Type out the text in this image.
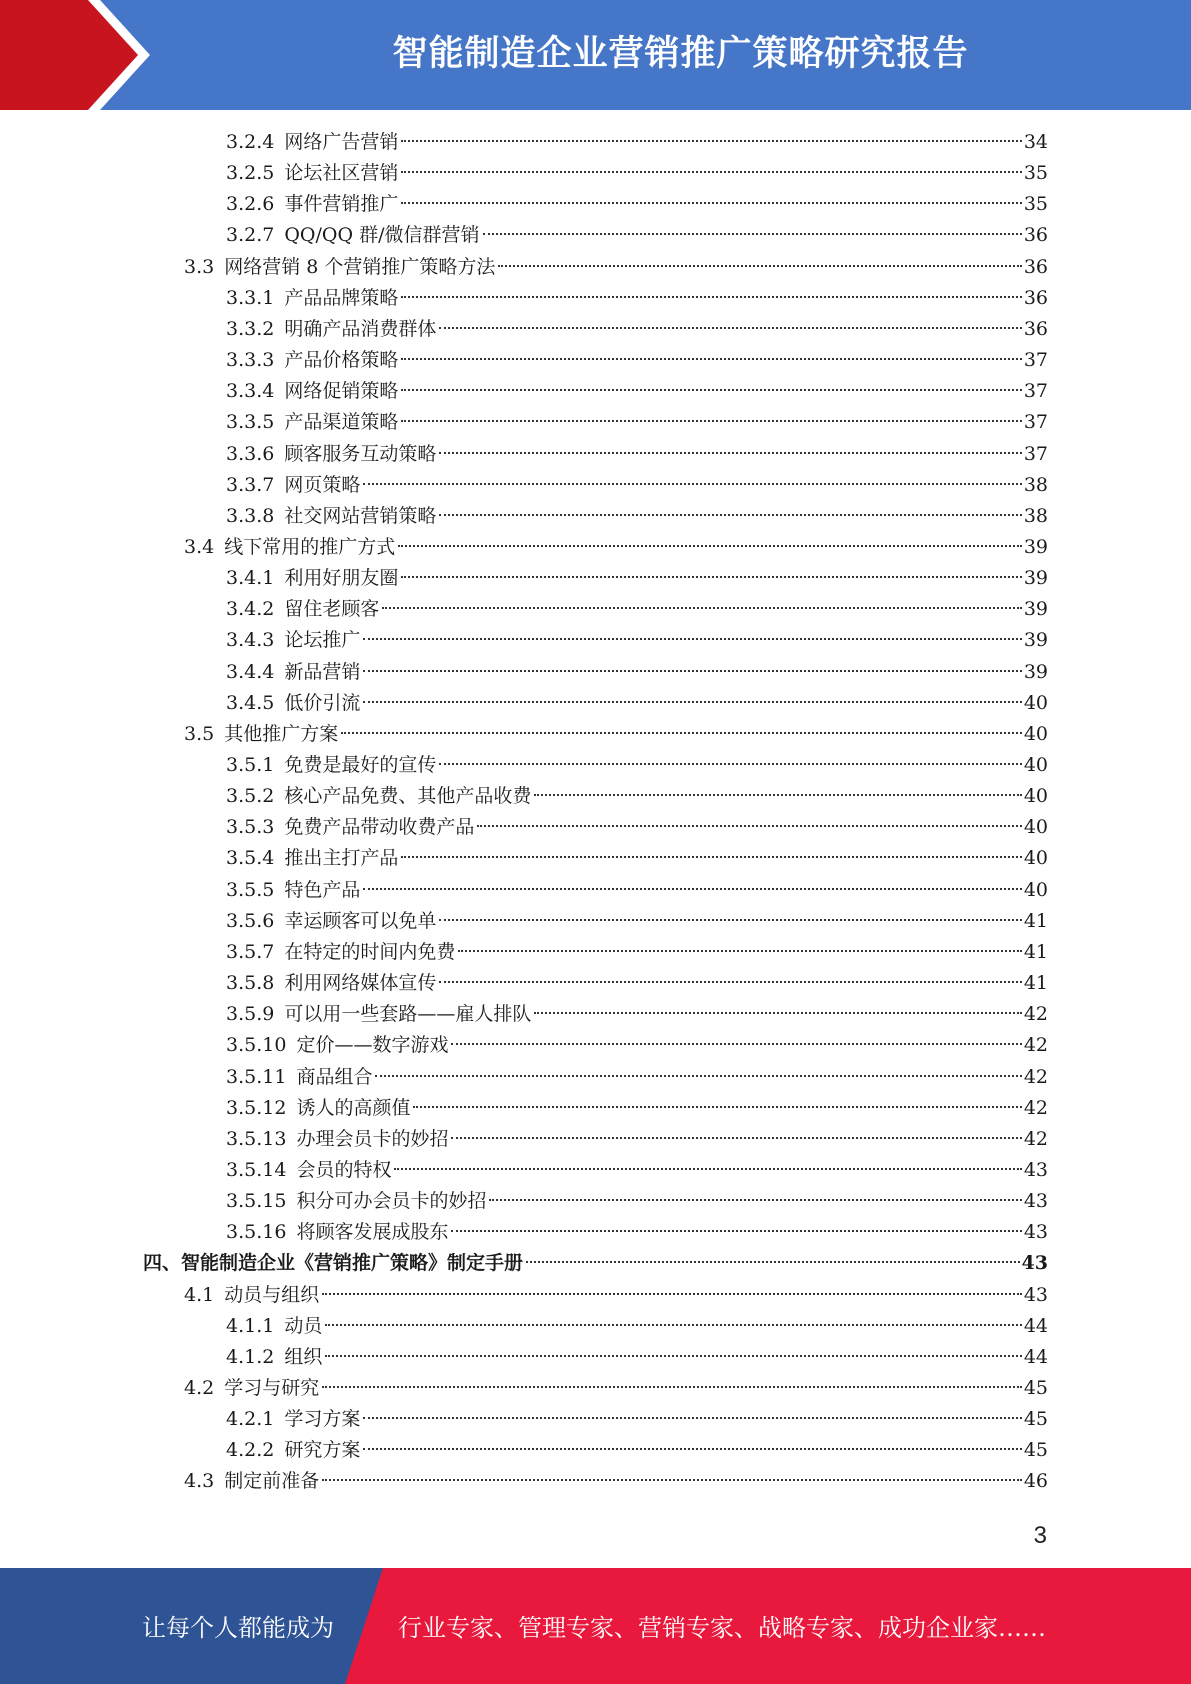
智能制造企业营销推广策略研究报告
3.2.4 网络广告营销	34
3.2.5 论坛社区营销	35
3.2.6 事件营销推广	35
3.2.7 QQ/QQ 群/微信群营销	36
3.3 网络营销 8 个营销推广策略方法	36
3.3.1 产品品牌策略	36
3.3.2 明确产品消费群体	36
3.3.3 产品价格策略	37
3.3.4 网络促销策略	37
3.3.5 产品渠道策略	37
3.3.6 顾客服务互动策略	37
3.3.7 网页策略	38
3.3.8 社交网站营销策略	38
3.4 线下常用的推广方式	39
3.4.1 利用好朋友圈	39
3.4.2 留住老顾客	39
3.4.3 论坛推广	39
3.4.4 新品营销	39
3.4.5 低价引流	40
3.5 其他推广方案	40
3.5.1 免费是最好的宣传	40
3.5.2 核心产品免费、其他产品收费	40
3.5.3 免费产品带动收费产品	40
3.5.4 推出主打产品	40
3.5.5 特色产品	40
3.5.6 幸运顾客可以免单	41
3.5.7 在特定的时间内免费	41
3.5.8 利用网络媒体宣传	41
3.5.9 可以用一些套路——雇人排队	42
3.5.10 定价——数字游戏	42
3.5.11 商品组合	42
3.5.12 诱人的高颜值	42
3.5.13 办理会员卡的妙招	42
3.5.14 会员的特权	43
3.5.15 积分可办会员卡的妙招	43
3.5.16 将顾客发展成股东	43
四、智能制造企业《营销推广策略》制定手册	43
4.1 动员与组织	43
4.1.1 动员	44
4.1.2 组织	44
4.2 学习与研究	45
4.2.1 学习方案	45
4.2.2 研究方案	45
4.3 制定前准备	46
3
让每个人都能成为	行业专家、管理专家、营销专家、战略专家、成功企业家……
